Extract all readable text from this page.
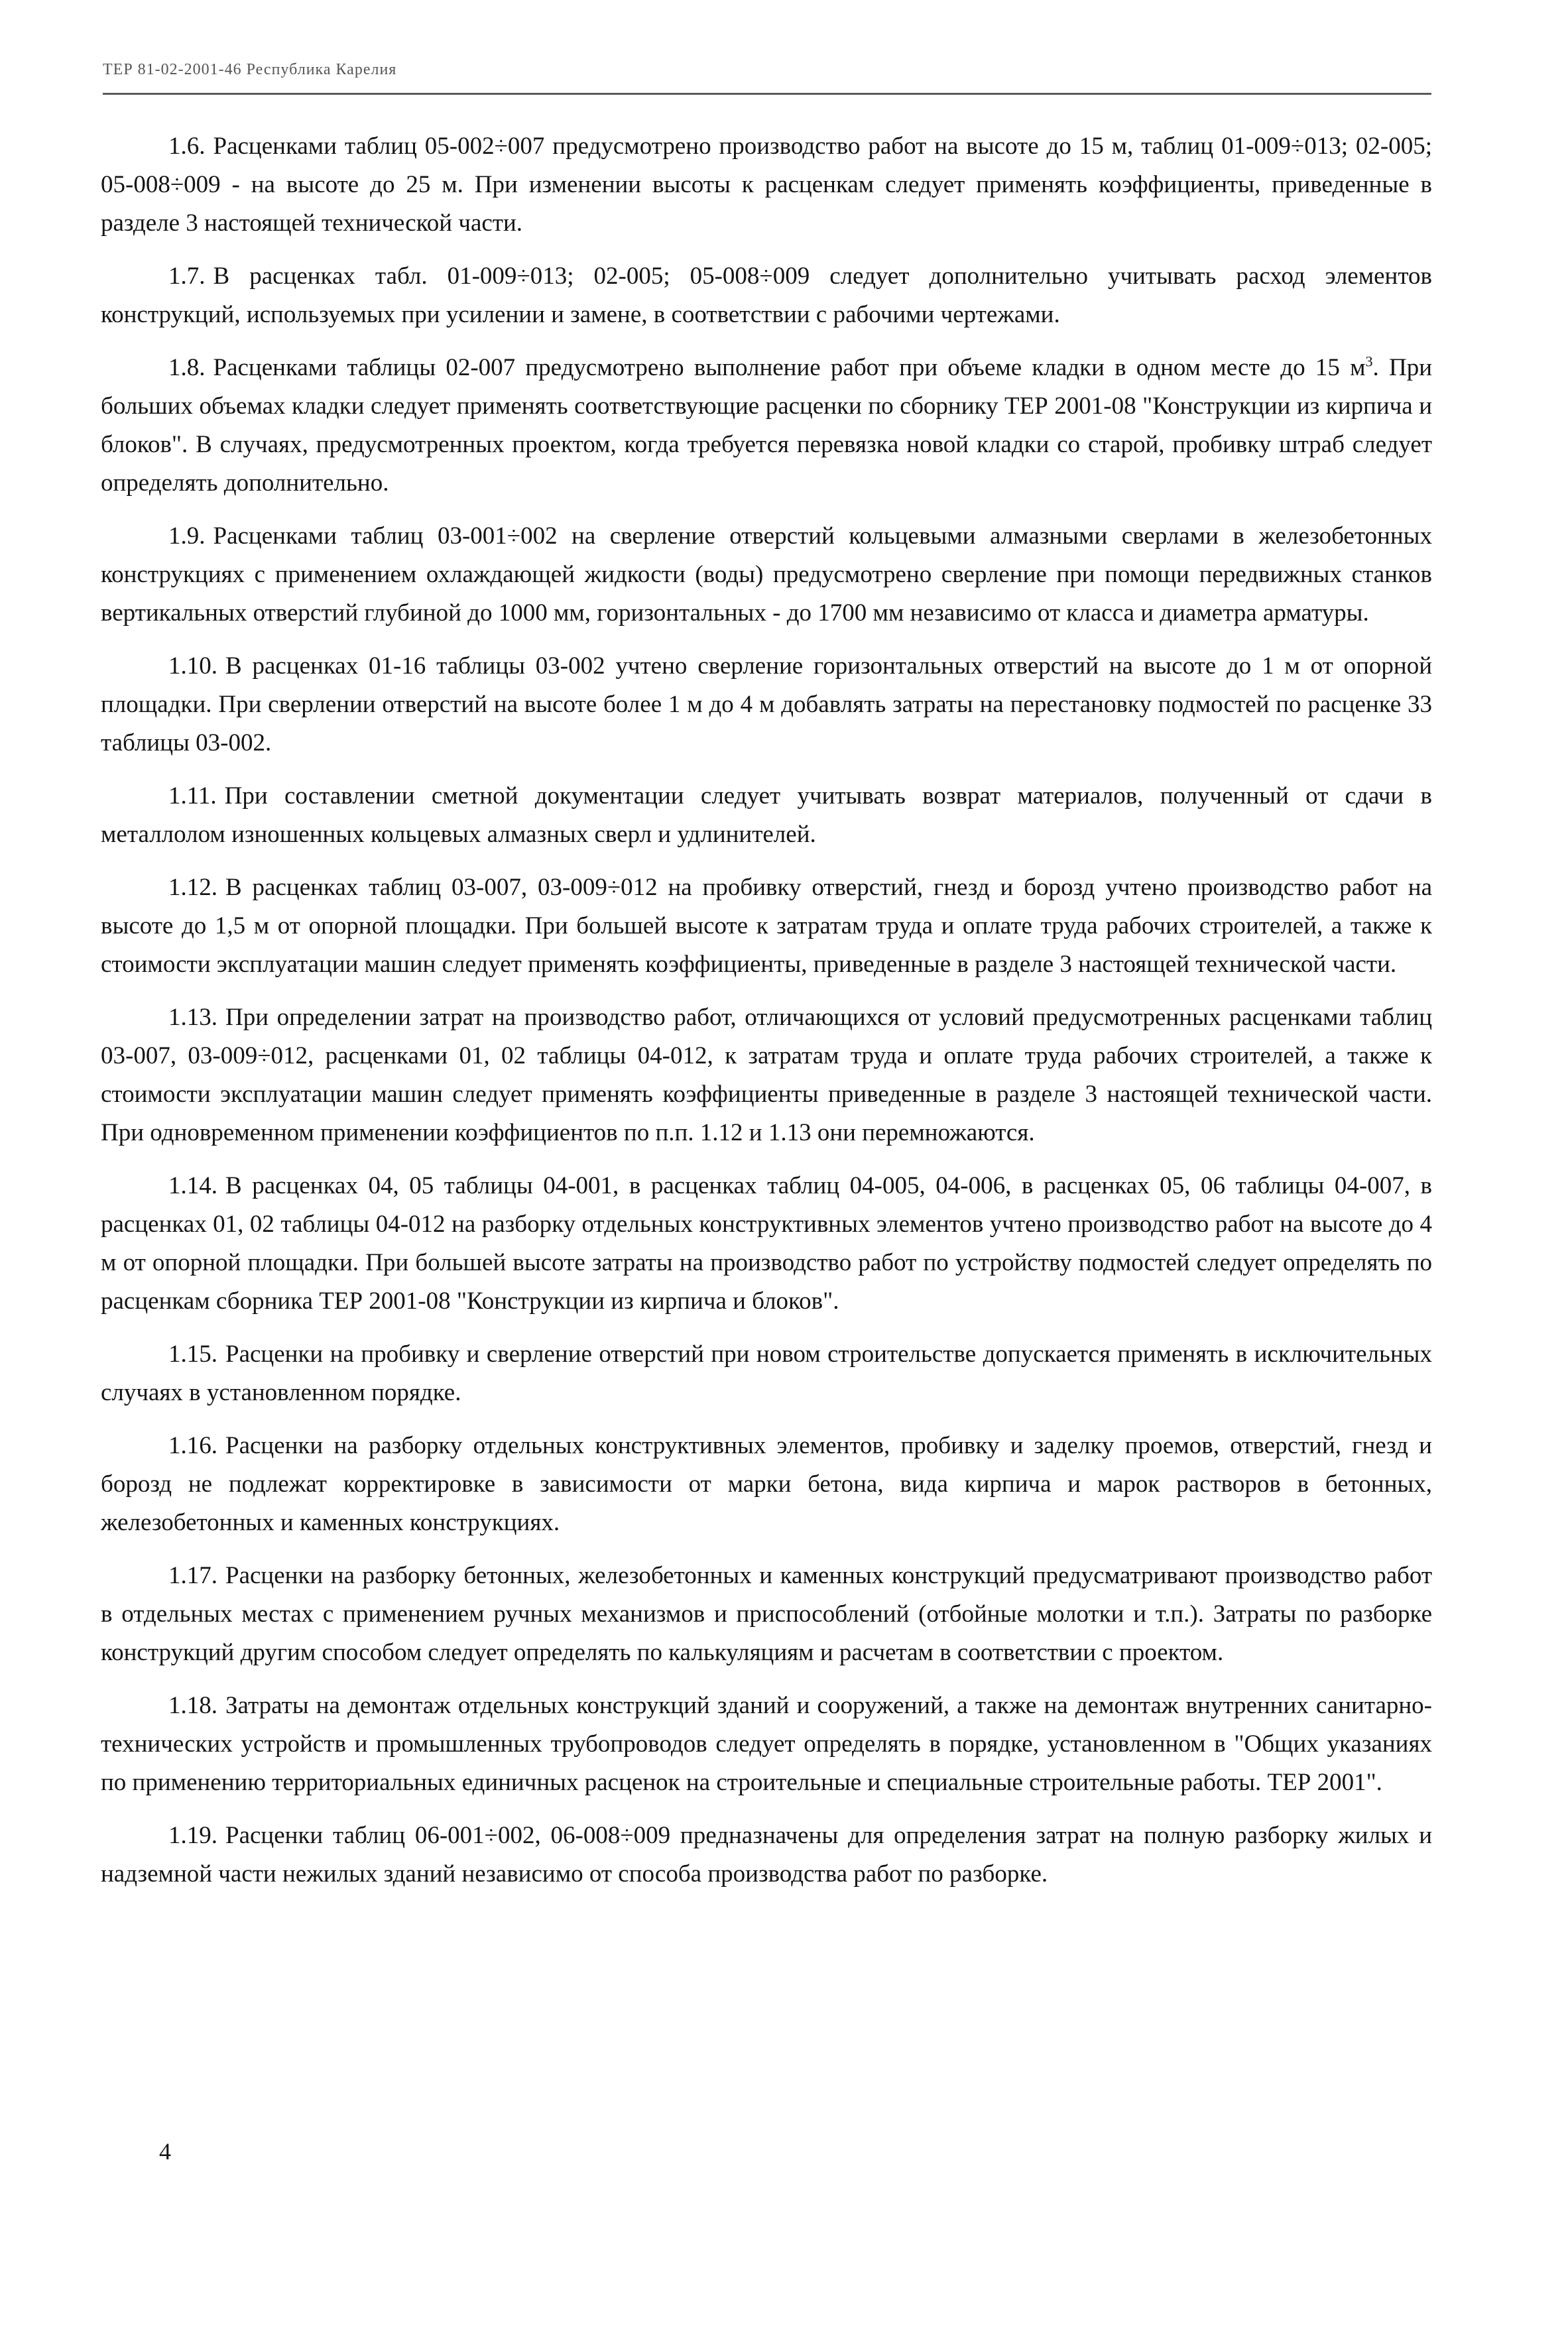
ТЕР 81-02-2001-46 Республика Карелия

1.6. Расценками таблиц 05-002÷007 предусмотрено производство работ на высоте до 15 м, таблиц 01-009÷013; 02-005; 05-008÷009 - на высоте до 25 м. При изменении высоты к расценкам следует применять коэффициенты, приведенные в разделе 3 настоящей технической части.

1.7. В расценках табл. 01-009÷013; 02-005; 05-008÷009 следует дополнительно учитывать расход элементов конструкций, используемых при усилении и замене, в соответствии с рабочими чертежами.

1.8. Расценками таблицы 02-007 предусмотрено выполнение работ при объеме кладки в одном месте до 15 $м^3$. При больших объемах кладки следует применять соответствующие расценки по сборнику ТЕР 2001-08 "Конструкции из кирпича и блоков". В случаях, предусмотренных проектом, когда требуется перевязка новой кладки со старой, пробивку штраб следует определять дополнительно.

1.9. Расценками таблиц 03-001÷002 на сверление отверстий кольцевыми алмазными сверлами в железобетонных конструкциях с применением охлаждающей жидкости (воды) предусмотрено сверление при помощи передвижных станков вертикальных отверстий глубиной до 1000 мм, горизонтальных - до 1700 мм независимо от класса и диаметра арматуры.

1.10. В расценках 01-16 таблицы 03-002 учтено сверление горизонтальных отверстий на высоте до 1 м от опорной площадки. При сверлении отверстий на высоте более 1 м до 4 м добавлять затраты на перестановку подмостей по расценке 33 таблицы 03-002.

1.11. При составлении сметной документации следует учитывать возврат материалов, полученный от сдачи в металлолом изношенных кольцевых алмазных сверл и удлинителей.

1.12. В расценках таблиц 03-007, 03-009÷012 на пробивку отверстий, гнезд и борозд учтено производство работ на высоте до 1,5 м от опорной площадки. При большей высоте к затратам труда и оплате труда рабочих строителей, а также к стоимости эксплуатации машин следует применять коэффициенты, приведенные в разделе 3 настоящей технической части.

1.13. При определении затрат на производство работ, отличающихся от условий предусмотренных расценками таблиц 03-007, 03-009÷012, расценками 01, 02 таблицы 04-012, к затратам труда и оплате труда рабочих строителей, а также к стоимости эксплуатации машин следует применять коэффициенты приведенные в разделе 3 настоящей технической части. При одновременном применении коэффициентов по п.п. 1.12 и 1.13 они перемножаются.

1.14. В расценках 04, 05 таблицы 04-001, в расценках таблиц 04-005, 04-006, в расценках 05, 06 таблицы 04-007, в расценках 01, 02 таблицы 04-012 на разборку отдельных конструктивных элементов учтено производство работ на высоте до 4 м от опорной площадки. При большей высоте затраты на производство работ по устройству подмостей следует определять по расценкам сборника ТЕР 2001-08 "Конструкции из кирпича и блоков".

1.15. Расценки на пробивку и сверление отверстий при новом строительстве допускается применять в исключительных случаях в установленном порядке.

1.16. Расценки на разборку отдельных конструктивных элементов, пробивку и заделку проемов, отверстий, гнезд и борозд не подлежат корректировке в зависимости от марки бетона, вида кирпича и марок растворов в бетонных, железобетонных и каменных конструкциях.

1.17. Расценки на разборку бетонных, железобетонных и каменных конструкций предусматривают производство работ в отдельных местах с применением ручных механизмов и приспособлений (отбойные молотки и т.п.). Затраты по разборке конструкций другим способом следует определять по калькуляциям и расчетам в соответствии с проектом.

1.18. Затраты на демонтаж отдельных конструкций зданий и сооружений, а также на демонтаж внутренних санитарно-технических устройств и промышленных трубопроводов следует определять в порядке, установленном в "Общих указаниях по применению территориальных единичных расценок на строительные и специальные строительные работы. ТЕР 2001".

1.19. Расценки таблиц 06-001÷002, 06-008÷009 предназначены для определения затрат на полную разборку жилых и надземной части нежилых зданий независимо от способа производства работ по разборке.

4
